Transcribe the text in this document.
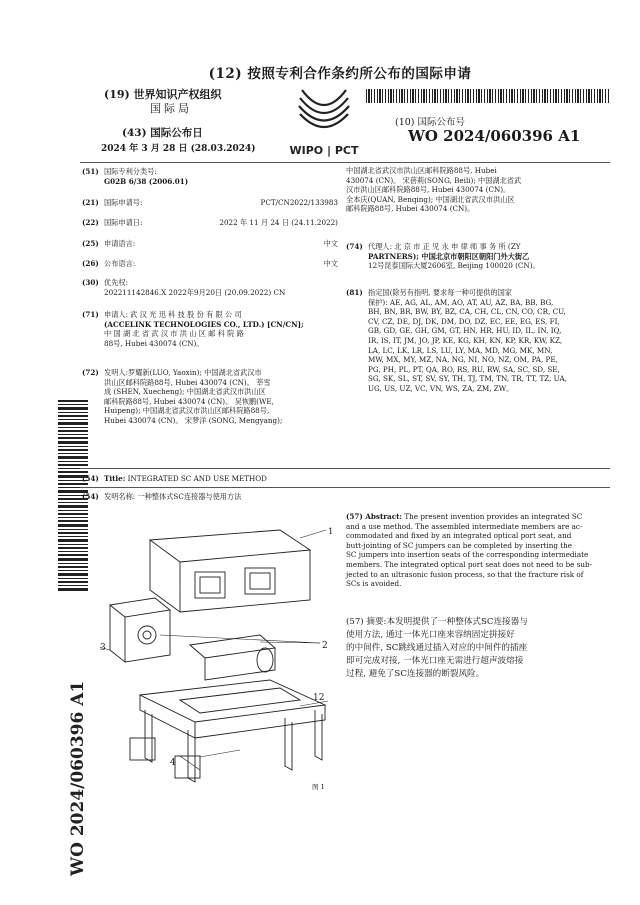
(12) 按照专利合作条约所公布的国际申请
(19) 世界知识产权组织
国际局
(43) 国际公布日
2024 年 3 月 28 日 (28.03.2024)	WIPO | PCT
(10) 国际公布号
WO 2024/060396 A1
WO 2024/060396 A1
(51) 国际专利分类号:
G02B 6/38 (2006.01)
(21) 国际申请号:	PCT/CN2022/133983
(22) 国际申请日:	2022 年 11 月 24 日 (24.11.2022)
(25) 申请语言:	中文
(26) 公布语言:	中文
(30) 优先权:
202211142846.X 2022年9月20日 (20.09.2022) CN
(71) 申请人: 武 汉 光 迅 科 技 股 份 有 限 公 司
(ACCELINK TECHNOLOGIES CO., LTD.) [CN/CN];
中 国 湖 北 省 武 汉 市 洪 山 区 邮 科 院 路
88号, Hubei 430074 (CN)。
(72) 发明人:罗耀新(LUO, Yaoxin); 中国湖北省武汉市
洪山区邮科院路88号, Hubei 430074 (CN)。 莘雪
成 (SHEN, Xuecheng); 中国湖北省武汉市洪山区
邮科院路88号, Hubei 430074 (CN)。 吴恢鹏(WE,
Huipeng); 中国湖北省武汉市洪山区邮科院路88号,
Hubei 430074 (CN)。 宋梦洋 (SONG, Mengyang);
中国湖北省武汉市洪山区邮科院路88号, Hubei
430074 (CN)。 宋蓓莉(SONG, Beili); 中国湖北省武
汉市洪山区邮科院路88号, Hubei 430074 (CN)。
全本庆(QUAN, Benqing); 中国湖北省武汉市洪山区
邮科院路88号, Hubei 430074 (CN)。
(74) 代理人: 北 京 市 正 见 永 申 律 师 事 务 所 (ZY
PARTNERS); 中国北京市朝阳区朝阳门外大街乙
12号昆泰国际大厦2606室, Beijing 100020 (CN)。
(81) 指定国(除另有指明, 要求每一种可提供的国家
保护): AE, AG, AL, AM, AO, AT, AU, AZ, BA, BB, BG,
BH, BN, BR, BW, BY, BZ, CA, CH, CL, CN, CO, CR, CU,
CV, CZ, DE, DJ, DK, DM, DO, DZ, EC, EE, EG, ES, FI,
GB, GD, GE, GH, GM, GT, HN, HR, HU, ID, IL, IN, IQ,
IR, IS, IT, JM, JO, JP, KE, KG, KH, KN, KP, KR, KW, KZ,
LA, LC, LK, LR, LS, LU, LY, MA, MD, MG, MK, MN,
MW, MX, MY, MZ, NA, NG, NI, NO, NZ, OM, PA, PE,
PG, PH, PL, PT, QA, RO, RS, RU, RW, SA, SC, SD, SE,
SG, SK, SL, ST, SV, SY, TH, TJ, TM, TN, TR, TT, TZ, UA,
UG, US, UZ, VC, VN, WS, ZA, ZM, ZW。
(54) Title: INTEGRATED SC AND USE METHOD
(54) 发明名称: 一种整体式SC连接器与使用方法
(57) Abstract: The present invention provides an integrated SC
and a use method. The assembled intermediate members are ac-
commodated and fixed by an integrated optical port seat, and
butt-jointing of SC jumpers can be completed by inserting the
SC jumpers into insertion seats of the corresponding intermediate
members. The integrated optical port seat does not need to be sub-
jected to an ultrasonic fusion process, so that the fracture risk of
SCs is avoided.
(57) 摘要:本发明提供了一种整体式SC连接器与
使用方法, 通过一体光口座来容纳固定拼接好
的中间件, SC跳线通过插入对应的中间件的插座
即可完成对接, 一体光口座无需进行超声波熔接
过程, 避免了SC连接器的断裂风险。
1
2
3
12
4
图 1
